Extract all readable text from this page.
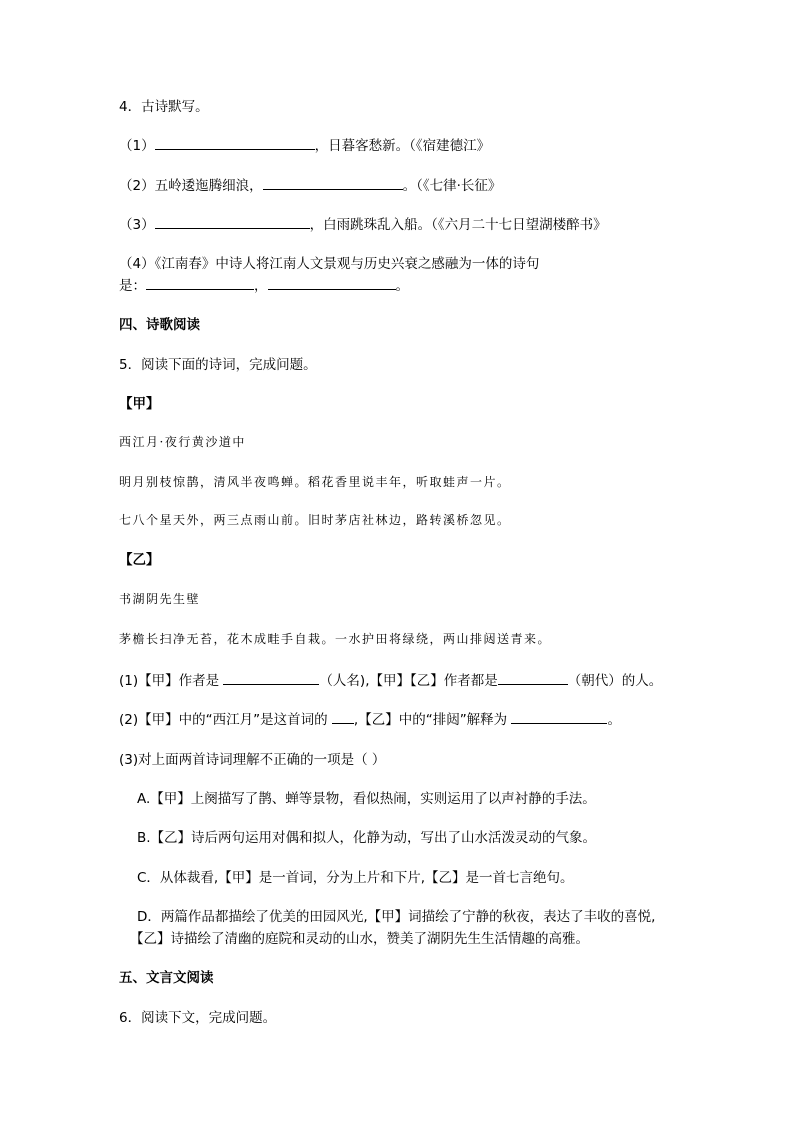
4．古诗默写。
（1）	，日暮客愁新。（《宿建德江》
（2）五岭逶迤腾细浪，	。（《七律·长征》
（3）	，白雨跳珠乱入船。（《六月二十七日望湖楼醉书》
（4）《江南春》中诗人将江南人文景观与历史兴衰之感融为一体的诗句
是：	，	。
四、诗歌阅读
5．阅读下面的诗词，完成问题。
【甲】
西江月·夜行黄沙道中
明月别枝惊鹊，清风半夜鸣蝉。稻花香里说丰年，听取蛙声一片。
七八个星天外，两三点雨山前。旧时茅店社林边，路转溪桥忽见。
【乙】
书湖阴先生壁
茅檐长扫净无苔，花木成畦手自栽。一水护田将绿绕，两山排闼送青来。
(1)【甲】作者是	（人名),【甲】【乙】作者都是	（朝代）的人。
(2)【甲】中的“西江月”是这首词的 ,【乙】中的“排闼”解释为	。
(3)对上面两首诗词理解不正确的一项是（ ）
A.【甲】上阕描写了鹊、蝉等景物，看似热闹，实则运用了以声衬静的手法。
B.【乙】诗后两句运用对偶和拟人，化静为动，写出了山水活泼灵动的气象。
C．从体裁看,【甲】是一首词，分为上片和下片,【乙】是一首七言绝句。
D．两篇作品都描绘了优美的田园风光,【甲】词描绘了宁静的秋夜，表达了丰收的喜悦,
【乙】诗描绘了清幽的庭院和灵动的山水，赞美了湖阴先生生活情趣的高雅。
五、文言文阅读
6．阅读下文，完成问题。
